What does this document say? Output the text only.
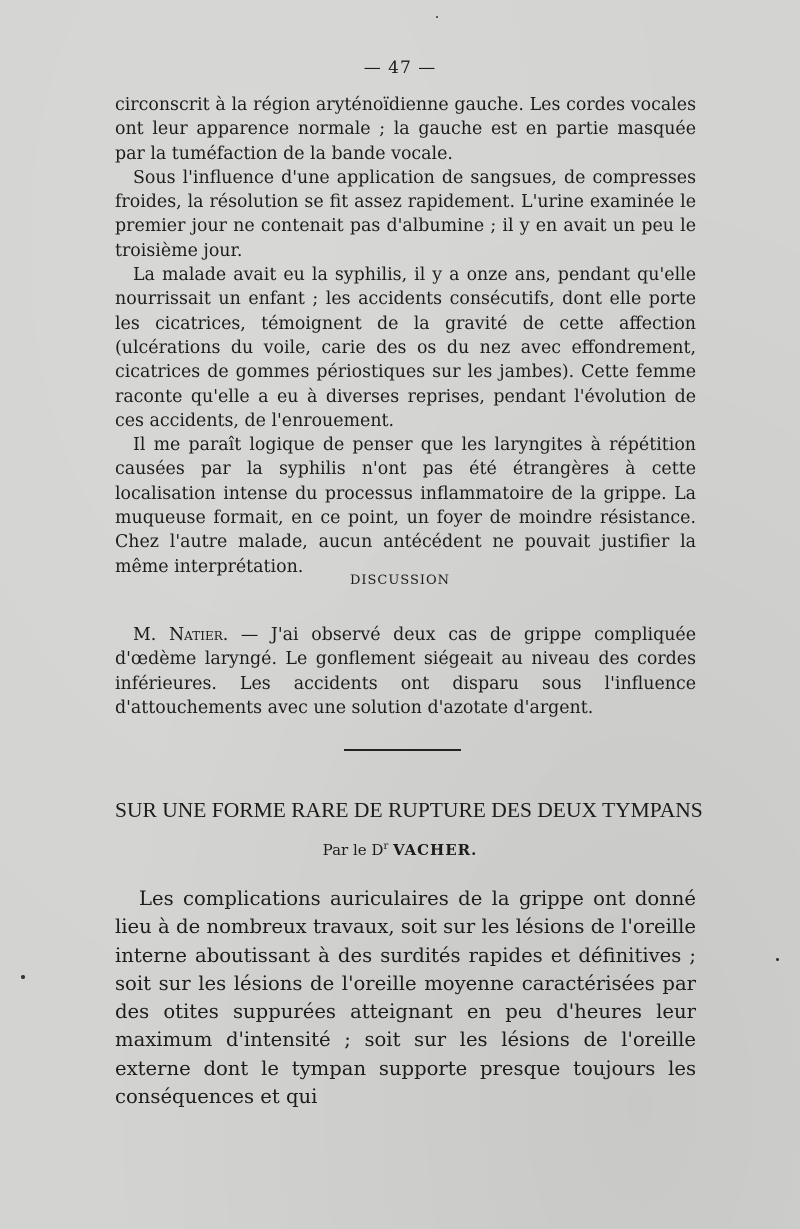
— 47 —

circonscrit à la région aryténoïdienne gauche. Les cordes vocales ont leur apparence normale ; la gauche est en partie masquée par la tuméfaction de la bande vocale.

Sous l'influence d'une application de sangsues, de compresses froides, la résolution se fit assez rapidement. L'urine examinée le premier jour ne contenait pas d'albumine ; il y en avait un peu le troisième jour.

La malade avait eu la syphilis, il y a onze ans, pendant qu'elle nourrissait un enfant ; les accidents consécutifs, dont elle porte les cicatrices, témoignent de la gravité de cette affection (ulcérations du voile, carie des os du nez avec effondrement, cicatrices de gommes périostiques sur les jambes). Cette femme raconte qu'elle a eu à diverses reprises, pendant l'évolution de ces accidents, de l'enrouement.

Il me paraît logique de penser que les laryngites à répétition causées par la syphilis n'ont pas été étrangères à cette localisation intense du processus inflammatoire de la grippe. La muqueuse formait, en ce point, un foyer de moindre résistance. Chez l'autre malade, aucun antécédent ne pouvait justifier la même interprétation.

DISCUSSION

M. Natier. — J'ai observé deux cas de grippe compliquée d'œdème laryngé. Le gonflement siégeait au niveau des cordes inférieures. Les accidents ont disparu sous l'influence d'attouchements avec une solution d'azotate d'argent.

SUR UNE FORME RARE DE RUPTURE DES DEUX TYMPANS
Par le $D^r$ VACHER.

Les complications auriculaires de la grippe ont donné lieu à de nombreux travaux, soit sur les lésions de l'oreille interne aboutissant à des surdités rapides et définitives ; soit sur les lésions de l'oreille moyenne caractérisées par des otites suppurées atteignant en peu d'heures leur maximum d'intensité ; soit sur les lésions de l'oreille externe dont le tympan supporte presque toujours les conséquences et qui
